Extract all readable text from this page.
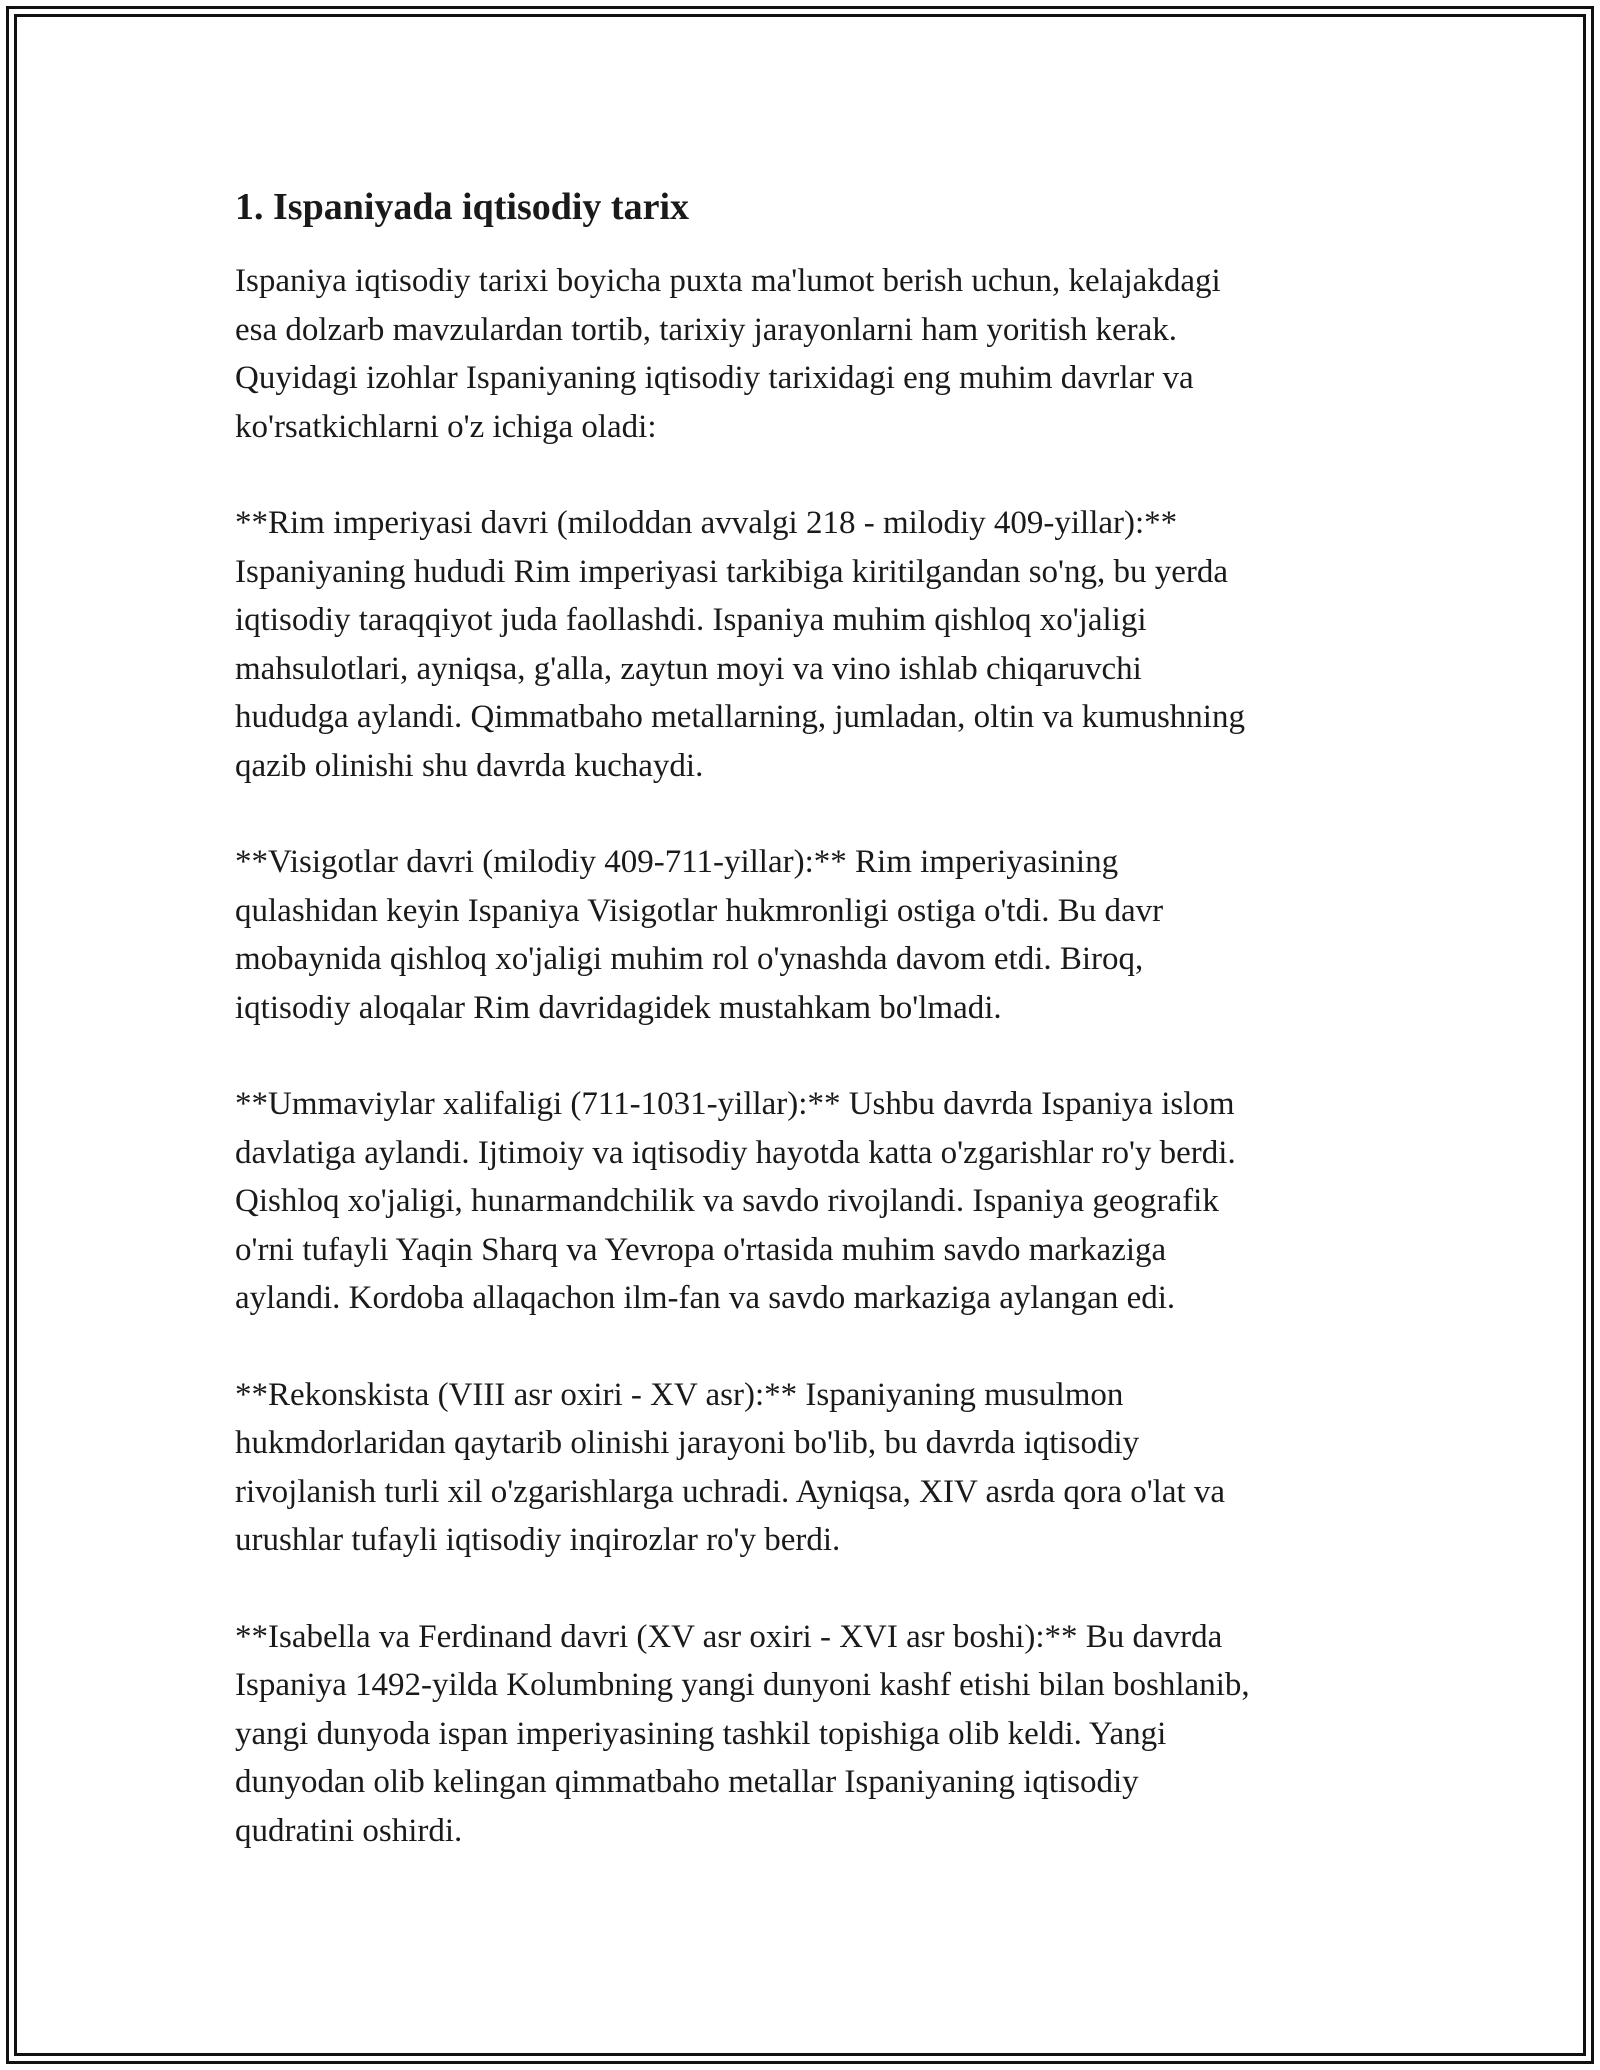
1. Ispaniyada iqtisodiy tarix

Ispaniya iqtisodiy tarixi boyicha puxta ma'lumot berish uchun, kelajakdagi
esa dolzarb mavzulardan tortib, tarixiy jarayonlarni ham yoritish kerak.
Quyidagi izohlar Ispaniyaning iqtisodiy tarixidagi eng muhim davrlar va
ko'rsatkichlarni o'z ichiga oladi:

**Rim imperiyasi davri (miloddan avvalgi 218 - milodiy 409-yillar):**
Ispaniyaning hududi Rim imperiyasi tarkibiga kiritilgandan so'ng, bu yerda
iqtisodiy taraqqiyot juda faollashdi. Ispaniya muhim qishloq xo'jaligi
mahsulotlari, ayniqsa, g'alla, zaytun moyi va vino ishlab chiqaruvchi
hududga aylandi. Qimmatbaho metallarning, jumladan, oltin va kumushning
qazib olinishi shu davrda kuchaydi.

**Visigotlar davri (milodiy 409-711-yillar):** Rim imperiyasining
qulashidan keyin Ispaniya Visigotlar hukmronligi ostiga o'tdi. Bu davr
mobaynida qishloq xo'jaligi muhim rol o'ynashda davom etdi. Biroq,
iqtisodiy aloqalar Rim davridagidek mustahkam bo'lmadi.

**Ummaviylar xalifaligi (711-1031-yillar):** Ushbu davrda Ispaniya islom
davlatiga aylandi. Ijtimoiy va iqtisodiy hayotda katta o'zgarishlar ro'y berdi.
Qishloq xo'jaligi, hunarmandchilik va savdo rivojlandi. Ispaniya geografik
o'rni tufayli Yaqin Sharq va Yevropa o'rtasida muhim savdo markaziga
aylandi. Kordoba allaqachon ilm-fan va savdo markaziga aylangan edi.

**Rekonskista (VIII asr oxiri - XV asr):** Ispaniyaning musulmon
hukmdorlaridan qaytarib olinishi jarayoni bo'lib, bu davrda iqtisodiy
rivojlanish turli xil o'zgarishlarga uchradi. Ayniqsa, XIV asrda qora o'lat va
urushlar tufayli iqtisodiy inqirozlar ro'y berdi.

**Isabella va Ferdinand davri (XV asr oxiri - XVI asr boshi):** Bu davrda
Ispaniya 1492-yilda Kolumbning yangi dunyoni kashf etishi bilan boshlanib,
yangi dunyoda ispan imperiyasining tashkil topishiga olib keldi. Yangi
dunyodan olib kelingan qimmatbaho metallar Ispaniyaning iqtisodiy
qudratini oshirdi.
